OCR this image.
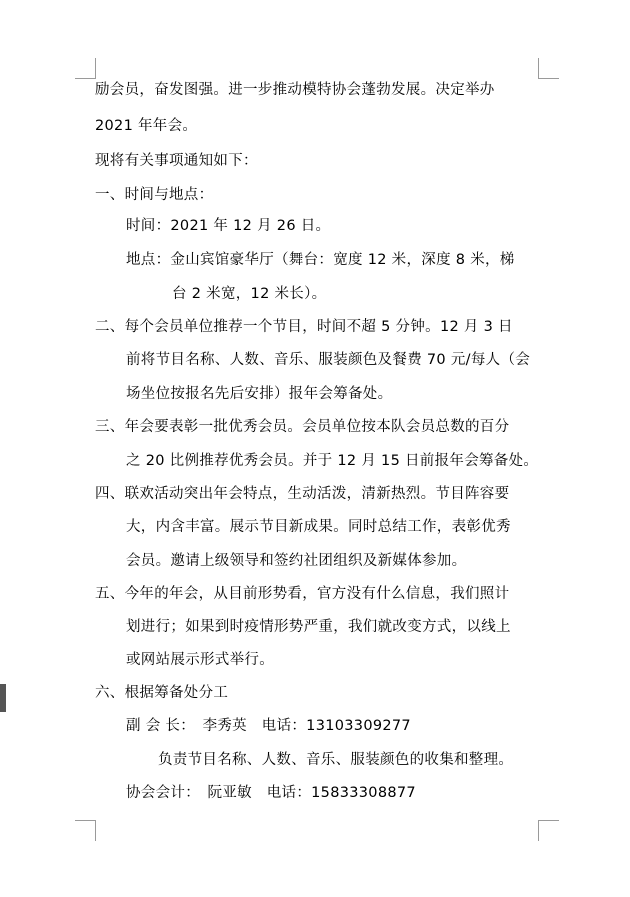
励会员，奋发图强。进一步推动模特协会蓬勃发展。决定举办
2021 年年会。
现将有关事项通知如下：
一、时间与地点：
时间：2021 年 12 月 26 日。
地点：金山宾馆豪华厅（舞台：宽度 12 米，深度 8 米，梯
台 2 米宽，12 米长）。
二、每个会员单位推荐一个节目，时间不超 5 分钟。12 月 3 日
前将节目名称、人数、音乐、服装颜色及餐费 70 元/每人（会
场坐位按报名先后安排）报年会筹备处。
三、年会要表彰一批优秀会员。会员单位按本队会员总数的百分
之 20 比例推荐优秀会员。并于 12 月 15 日前报年会筹备处。
四、联欢活动突出年会特点，生动活泼，清新热烈。节目阵容要
大，内含丰富。展示节目新成果。同时总结工作，表彰优秀
会员。邀请上级领导和签约社团组织及新媒体参加。
五、今年的年会，从目前形势看，官方没有什么信息，我们照计
划进行；如果到时疫情形势严重，我们就改变方式，以线上
或网站展示形式举行。
六、根据筹备处分工
副 会 长：　李秀英　电话：13103309277
负责节目名称、人数、音乐、服装颜色的收集和整理。
协会会计：　阮亚敏　电话：15833308877
